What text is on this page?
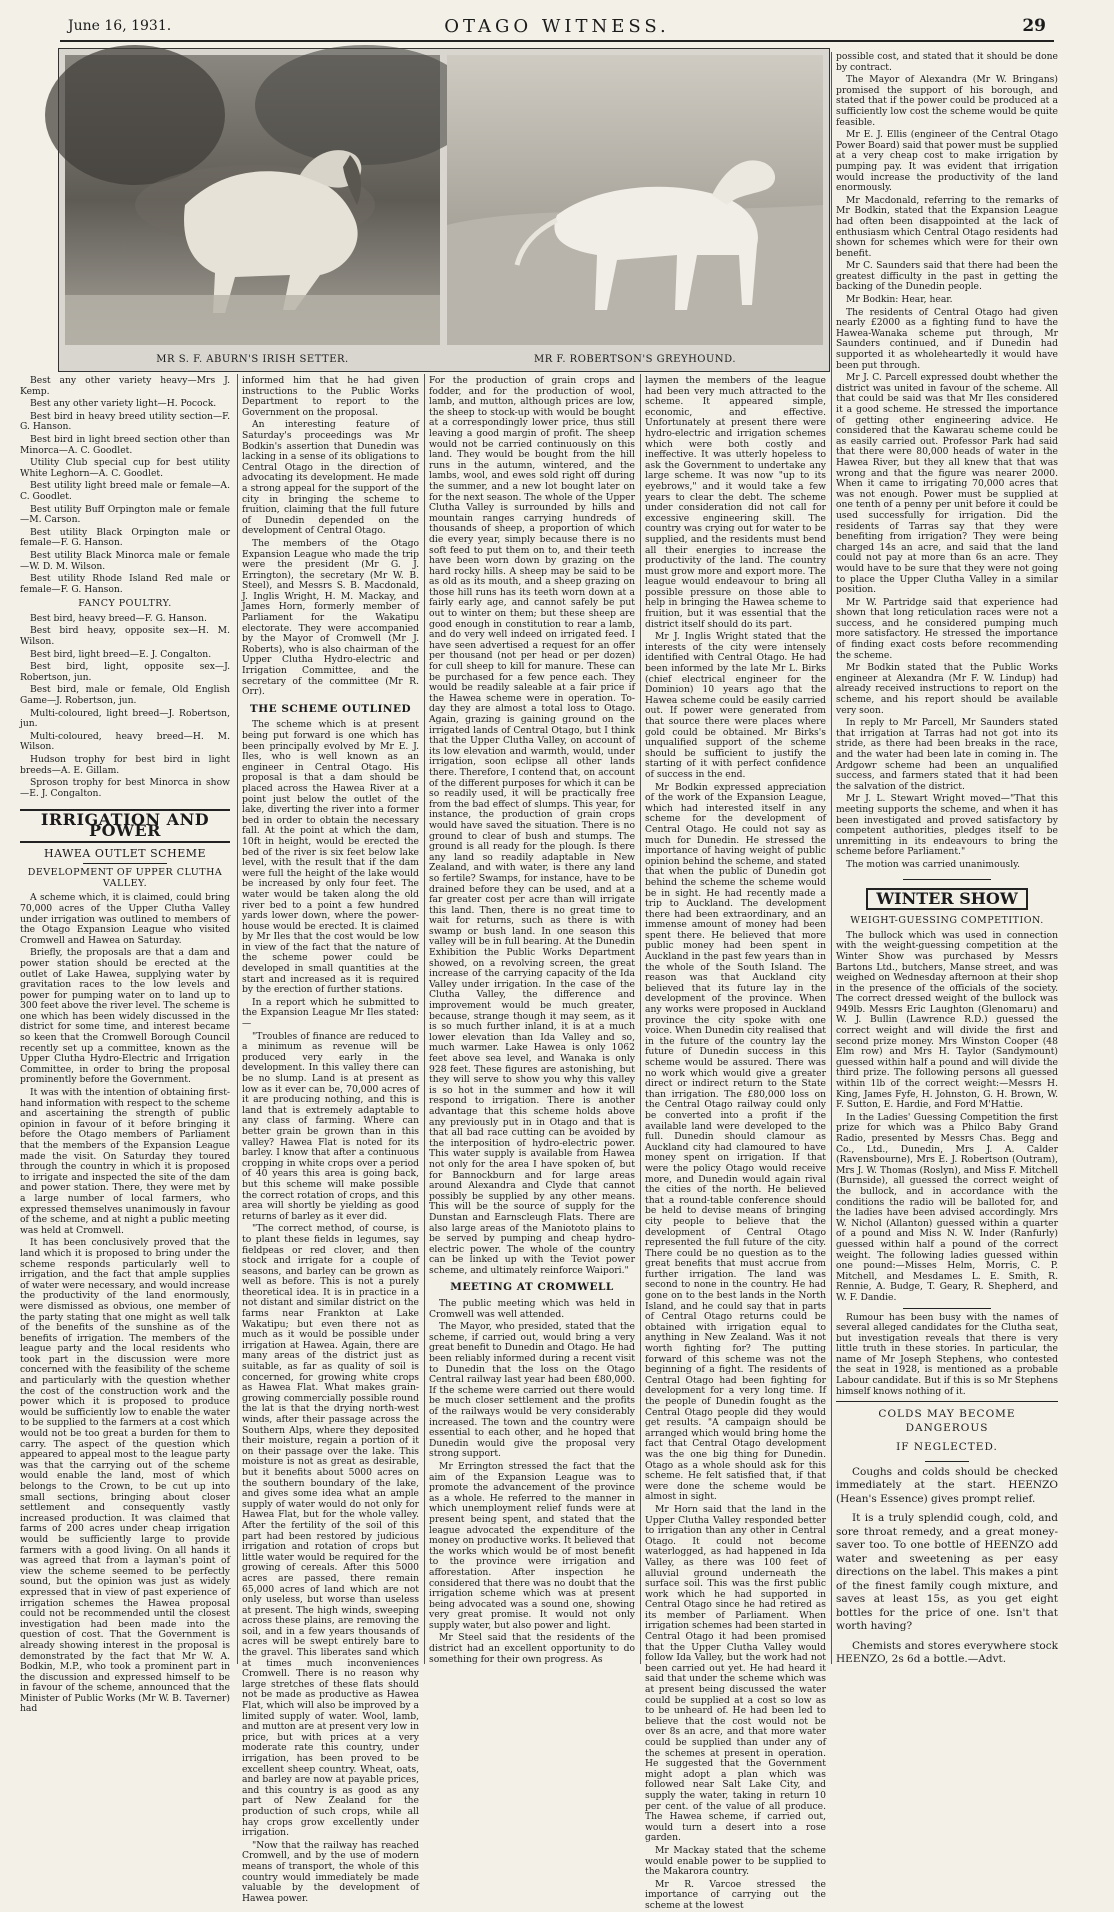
June 16, 1931.	OTAGO WITNESS.	29
MR S. F. ABURN'S IRISH SETTER.	MR F. ROBERTSON'S GREYHOUND.

Best any other variety heavy—Mrs J. Kemp.

Best any other variety light—H. Pocock.

Best bird in heavy breed utility section—F. G. Hanson.

Best bird in light breed section other than Minorca—A. C. Goodlet.

Utility Club special cup for best utility White Leghorn—A. C. Goodlet.

Best utility light breed male or female—A. C. Goodlet.

Best utility Buff Orpington male or female—M. Carson.

Best utility Black Orpington male or female—F. G. Hanson.

Best utility Black Minorca male or female—W. D. M. Wilson.

Best utility Rhode Island Red male or female—F. G. Hanson.

FANCY POULTRY.

Best bird, heavy breed—F. G. Hanson.

Best bird heavy, opposite sex—H. M. Wilson.

Best bird, light breed—E. J. Congalton.

Best bird, light, opposite sex—J. Robertson, jun.

Best bird, male or female, Old English Game—J. Robertson, jun.

Multi-coloured, light breed—J. Robertson, jun.

Multi-coloured, heavy breed—H. M. Wilson.

Hudson trophy for best bird in light breeds—A. E. Gillam.

Sproson trophy for best Minorca in show—E. J. Congalton.

IRRIGATION AND POWER
HAWEA OUTLET SCHEME
DEVELOPMENT OF UPPER CLUTHA VALLEY.

A scheme which, it is claimed, could bring 70,000 acres of the Upper Clutha Valley under irrigation was outlined to members of the Otago Expansion League who visited Cromwell and Hawea on Saturday.

Briefly, the proposals are that a dam and power station should be erected at the outlet of Lake Hawea, supplying water by gravitation races to the low levels and power for pumping water on to land up to 300 feet above the river level. The scheme is one which has been widely discussed in the district for some time, and interest became so keen that the Cromwell Borough Council recently set up a committee, known as the Upper Clutha Hydro-Electric and Irrigation Committee, in order to bring the proposal prominently before the Government.

It was with the intention of obtaining first-hand information with respect to the scheme and ascertaining the strength of public opinion in favour of it before bringing it before the Otago members of Parliament that the members of the Expansion League made the visit. On Saturday they toured through the country in which it is proposed to irrigate and inspected the site of the dam and power station. There, they were met by a large number of local farmers, who expressed themselves unanimously in favour of the scheme, and at night a public meeting was held at Cromwell.

It has been conclusively proved that the land which it is proposed to bring under the scheme responds particularly well to irrigation, and the fact that ample supplies of water were necessary, and would increase the productivity of the land enormously, were dismissed as obvious, one member of the party stating that one might as well talk of the benefits of the sunshine as of the benefits of irrigation. The members of the league party and the local residents who took part in the discussion were more concerned with the feasibility of the scheme and particularly with the question whether the cost of the construction work and the power which it is proposed to produce would be sufficiently low to enable the water to be supplied to the farmers at a cost which would not be too great a burden for them to carry. The aspect of the question which appeared to appeal most to the league party was that the carrying out of the scheme would enable the land, most of which belongs to the Crown, to be cut up into small sections, bringing about closer settlement and consequently vastly increased production. It was claimed that farms of 200 acres under cheap irrigation would be sufficiently large to provide farmers with a good living. On all hands it was agreed that from a layman's point of view the scheme seemed to be perfectly sound, but the opinion was just as widely expressed that in view of past experience of irrigation schemes the Hawea proposal could not be recommended until the closest investigation had been made into the question of cost. That the Government is already showing interest in the proposal is demonstrated by the fact that Mr W. A. Bodkin, M.P., who took a prominent part in the discussion and expressed himself to be in favour of the scheme, announced that the Minister of Public Works (Mr W. B. Taverner) had

informed him that he had given instructions to the Public Works Department to report to the Government on the proposal.

An interesting feature of Saturday's proceedings was Mr Bodkin's assertion that Dunedin was lacking in a sense of its obligations to Central Otago in the direction of advocating its development. He made a strong appeal for the support of the city in bringing the scheme to fruition, claiming that the full future of Dunedin depended on the development of Central Otago.

The members of the Otago Expansion League who made the trip were the president (Mr G. J. Errington), the secretary (Mr W. B. Steel), and Messrs S. B. Macdonald, J. Inglis Wright, H. M. Mackay, and James Horn, formerly member of Parliament for the Wakatipu electorate. They were accompanied by the Mayor of Cromwell (Mr J. Roberts), who is also chairman of the Upper Clutha Hydro-electric and Irrigation Committee, and the secretary of the committee (Mr R. Orr).

THE SCHEME OUTLINED

The scheme which is at present being put forward is one which has been principally evolved by Mr E. J. Iles, who is well known as an engineer in Central Otago. His proposal is that a dam should be placed across the Hawea River at a point just below the outlet of the lake, diverting the river into a former bed in order to obtain the necessary fall. At the point at which the dam, 10ft in height, would be erected the bed of the river is six feet below lake level, with the result that if the dam were full the height of the lake would be increased by only four feet. The water would be taken along the old river bed to a point a few hundred yards lower down, where the power-house would be erected. It is claimed by Mr Iles that the cost would be low in view of the fact that the nature of the scheme power could be developed in small quantities at the start and increased as it is required by the erection of further stations.

In a report which he submitted to the Expansion League Mr Iles stated:—

"Troubles of finance are reduced to a minimum as revenue will be produced very early in the development. In this valley there can be no slump. Land is at present as low as it ever can be, 70,000 acres of it are producing nothing, and this is land that is extremely adaptable to any class of farming. Where can better grain be grown than in this valley? Hawea Flat is noted for its barley. I know that after a continuous cropping in white crops over a period of 40 years this area is going back, but this scheme will make possible the correct rotation of crops, and this area will shortly be yielding as good returns of barley as it ever did.

"The correct method, of course, is to plant these fields in legumes, say fieldpeas or red clover, and then stock and irrigate for a couple of seasons, and barley can be grown as well as before. This is not a purely theoretical idea. It is in practice in a not distant and similar district on the farms near Frankton at Lake Wakatipu; but even there not as much as it would be possible under irrigation at Hawea. Again, there are many areas of the district just as suitable, as far as quality of soil is concerned, for growing white crops as Hawea Flat. What makes grain-growing commercially possible round the lat is that the drying north-west winds, after their passage across the Southern Alps, where they deposited their moisture, regain a portion of it on their passage over the lake. This moisture is not as great as desirable, but it benefits about 5000 acres on the southern boundary of the lake, and gives some idea what an ample supply of water would do not only for Hawea Flat, but for the whole valley. After the fertility of the soil of this part had been restored by judicious irrigation and rotation of crops but little water would be required for the growing of cereals. After this 5000 acres are passed, there remain 65,000 acres of land which are not only useless, but worse than useless at present. The high winds, sweeping across these plains, are removing the soil, and in a few years thousands of acres will be swept entirely bare to the gravel. This liberates sand which at times much inconveniences Cromwell. There is no reason why large stretches of these flats should not be made as productive as Hawea Flat, which will also be improved by a limited supply of water. Wool, lamb, and mutton are at present very low in price, but with prices at a very moderate rate this country, under irrigation, has been proved to be excellent sheep country. Wheat, oats, and barley are now at payable prices, and this country is as good as any part of New Zealand for the production of such crops, while all hay crops grow excellently under irrigation.

"Now that the railway has reached Cromwell, and by the use of modern means of transport, the whole of this country would immediately be made valuable by the development of Hawea power.

For the production of grain crops and fodder, and for the production of wool, lamb, and mutton, although prices are low, the sheep to stock-up with would be bought at a correspondingly lower price, thus still leaving a good margin of profit. The sheep would not be carried continuously on this land. They would be bought from the hill runs in the autumn, wintered, and the lambs, wool, and ewes sold right off during the summer, and a new lot bought later on for the next season. The whole of the Upper Clutha Valley is surrounded by hills and mountain ranges carrying hundreds of thousands of sheep, a proportion of which die every year, simply because there is no soft feed to put them on to, and their teeth have been worn down by grazing on the hard rocky hills. A sheep may be said to be as old as its mouth, and a sheep grazing on those hill runs has its teeth worn down at a fairly early age, and cannot safely be put out to winter on them; but these sheep are good enough in constitution to rear a lamb, and do very well indeed on irrigated feed. I have seen advertised a request for an offer per thousand (not per head or per dozen) for cull sheep to kill for manure. These can be purchased for a few pence each. They would be readily saleable at a fair price if the Hawea scheme were in operation. To-day they are almost a total loss to Otago. Again, grazing is gaining ground on the irrigated lands of Central Otago, but I think that the Upper Clutha Valley, on account of its low elevation and warmth, would, under irrigation, soon eclipse all other lands there. Therefore, I contend that, on account of the different purposes for which it can be so readily used, it will be practically free from the bad effect of slumps. This year, for instance, the production of grain crops would have saved the situation. There is no ground to clear of bush and stumps. The ground is all ready for the plough. Is there any land so readily adaptable in New Zealand, and with water, is there any land so fertile? Swamps, for instance, have to be drained before they can be used, and at a far greater cost per acre than will irrigate this land. Then, there is no great time to wait for returns, such as there is with swamp or bush land. In one season this valley will be in full bearing. At the Dunedin Exhibition the Public Works Department showed, on a revolving screen, the great increase of the carrying capacity of the Ida Valley under irrigation. In the case of the Clutha Valley, the difference and improvement would be much greater, because, strange though it may seem, as it is so much further inland, it is at a much lower elevation than Ida Valley and so, much warmer. Lake Hawea is only 1062 feet above sea level, and Wanaka is only 928 feet. These figures are astonishing, but they will serve to show you why this valley is so hot in the summer and how it will respond to irrigation. There is another advantage that this scheme holds above any previously put in in Otago and that is that all bad race cutting can be avoided by the interposition of hydro-electric power. This water supply is available from Hawea not only for the area I have spoken of, but for Bannockburn and for large areas around Alexandra and Clyde that cannot possibly be supplied by any other means. This will be the source of supply for the Dunstan and Earnscleugh Flats. There are also large areas of the Maniototo plains to be served by pumping and cheap hydro-electric power. The whole of the country can be linked up with the Teviot power scheme, and ultimately reinforce Waipori."

MEETING AT CROMWELL

The public meeting which was held in Cromwell was well attended.

The Mayor, who presided, stated that the scheme, if carried out, would bring a very great benefit to Dunedin and Otago. He had been reliably informed during a recent visit to Dunedin that the loss on the Otago Central railway last year had been £80,000. If the scheme were carried out there would be much closer settlement and the profits of the railways would be very considerably increased. The town and the country were essential to each other, and he hoped that Dunedin would give the proposal very strong support.

Mr Errington stressed the fact that the aim of the Expansion League was to promote the advancement of the province as a whole. He referred to the manner in which unemployment relief funds were at present being spent, and stated that the league advocated the expenditure of the money on productive works. It believed that the works which would be of most benefit to the province were irrigation and afforestation. After inspection he considered that there was no doubt that the irrigation scheme which was at present being advocated was a sound one, showing very great promise. It would not only supply water, but also power and light.

Mr Steel said that the residents of the district had an excellent opportunity to do something for their own progress. As

laymen the members of the league had been very much attracted to the scheme. It appeared simple, economic, and effective. Unfortunately at present there were hydro-electric and irrigation schemes which were both costly and ineffective. It was utterly hopeless to ask the Government to undertake any large scheme. It was now "up to its eyebrows," and it would take a few years to clear the debt. The scheme under consideration did not call for excessive engineering skill. The country was crying out for water to be supplied, and the residents must bend all their energies to increase the productivity of the land. The country must grow more and export more. The league would endeavour to bring all possible pressure on those able to help in bringing the Hawea scheme to fruition, but it was essential that the district itself should do its part.

Mr J. Inglis Wright stated that the interests of the city were intensely identified with Central Otago. He had been informed by the late Mr L. Birks (chief electrical engineer for the Dominion) 10 years ago that the Hawea scheme could be easily carried out. If power were generated from that source there were places where gold could be obtained. Mr Birks's unqualified support of the scheme should be sufficient to justify the starting of it with perfect confidence of success in the end.

Mr Bodkin expressed appreciation of the work of the Expansion League, which had interested itself in any scheme for the development of Central Otago. He could not say as much for Dunedin. He stressed the importance of having weight of public opinion behind the scheme, and stated that when the public of Dunedin got behind the scheme the scheme would be in sight. He had recently made a trip to Auckland. The development there had been extraordinary, and an immense amount of money had been spent there. He believed that more public money had been spent in Auckland in the past few years than in the whole of the South Island. The reason was that Auckland city believed that its future lay in the development of the province. When any works were proposed in Auckland province the city spoke with one voice. When Dunedin city realised that in the future of the country lay the future of Dunedin success in this scheme would be assured. There was no work which would give a greater direct or indirect return to the State than irrigation. The £80,000 loss on the Central Otago railway could only be converted into a profit if the available land were developed to the full. Dunedin should clamour as Auckland city had clamoured to have money spent on irrigation. If that were the policy Otago would receive more, and Dunedin would again rival the cities of the north. He believed that a round-table conference should be held to devise means of bringing city people to believe that the development of Central Otago represented the full future of the city. There could be no question as to the great benefits that must accrue from further irrigation. The land was second to none in the country. He had gone on to the best lands in the North Island, and he could say that in parts of Central Otago returns could be obtained with irrigation equal to anything in New Zealand. Was it not worth fighting for? The putting forward of this scheme was not the beginning of a fight. The residents of Central Otago had been fighting for development for a very long time. If the people of Dunedin fought as the Central Otago people did they would get results. "A campaign should be arranged which would bring home the fact that Central Otago development was the one big thing for Dunedin. Otago as a whole should ask for this scheme. He felt satisfied that, if that were done the scheme would be almost in sight.

Mr Horn said that the land in the Upper Clutha Valley responded better to irrigation than any other in Central Otago. It could not become waterlogged, as had happened in Ida Valley, as there was 100 feet of alluvial ground underneath the surface soil. This was the first public work which he had supported in Central Otago since he had retired as its member of Parliament. When irrigation schemes had been started in Central Otago it had been promised that the Upper Clutha Valley would follow Ida Valley, but the work had not been carried out yet. He had heard it said that under the scheme which was at present being discussed the water could be supplied at a cost so low as to be unheard of. He had been led to believe that the cost would not be over 8s an acre, and that more water could be supplied than under any of the schemes at present in operation. He suggested that the Government might adopt a plan which was followed near Salt Lake City, and supply the water, taking in return 10 per cent. of the value of all produce. The Hawea scheme, if carried out, would turn a desert into a rose garden.

Mr Mackay stated that the scheme would enable power to be supplied to the Makarora country.

Mr R. Varcoe stressed the importance of carrying out the scheme at the lowest

possible cost, and stated that it should be done by contract.

The Mayor of Alexandra (Mr W. Bringans) promised the support of his borough, and stated that if the power could be produced at a sufficiently low cost the scheme would be quite feasible.

Mr E. J. Ellis (engineer of the Central Otago Power Board) said that power must be supplied at a very cheap cost to make irrigation by pumping pay. It was evident that irrigation would increase the productivity of the land enormously.

Mr Macdonald, referring to the remarks of Mr Bodkin, stated that the Expansion League had often been disappointed at the lack of enthusiasm which Central Otago residents had shown for schemes which were for their own benefit.

Mr C. Saunders said that there had been the greatest difficulty in the past in getting the backing of the Dunedin people.

Mr Bodkin: Hear, hear.

The residents of Central Otago had given nearly £2000 as a fighting fund to have the Hawea-Wanaka scheme put through, Mr Saunders continued, and if Dunedin had supported it as wholeheartedly it would have been put through.

Mr J. C. Parcell expressed doubt whether the district was united in favour of the scheme. All that could be said was that Mr Iles considered it a good scheme. He stressed the importance of getting other engineering advice. He considered that the Kawarau scheme could be as easily carried out. Professor Park had said that there were 80,000 heads of water in the Hawea River, but they all knew that that was wrong and that the figure was nearer 2000. When it came to irrigating 70,000 acres that was not enough. Power must be supplied at one tenth of a penny per unit before it could be used successfully for irrigation. Did the residents of Tarras say that they were benefiting from irrigation? They were being charged 14s an acre, and said that the land could not pay at more than 6s an acre. They would have to be sure that they were not going to place the Upper Clutha Valley in a similar position.

Mr W. Partridge said that experience had shown that long reticulation races were not a success, and he considered pumping much more satisfactory. He stressed the importance of finding exact costs before recommending the scheme.

Mr Bodkin stated that the Public Works engineer at Alexandra (Mr F. W. Lindup) had already received instructions to report on the scheme, and his report should be available very soon.

In reply to Mr Parcell, Mr Saunders stated that irrigation at Tarras had not got into its stride, as there had been breaks in the race, and the water had been late in coming in. The Ardgowr scheme had been an unqualified success, and farmers stated that it had been the salvation of the district.

Mr J. L. Stewart Wright moved—"That this meeting supports the scheme, and when it has been investigated and proved satisfactory by competent authorities, pledges itself to be unremitting in its endeavours to bring the scheme before Parliament."

The motion was carried unanimously.

WINTER SHOW
WEIGHT-GUESSING COMPETITION.

The bullock which was used in connection with the weight-guessing competition at the Winter Show was purchased by Messrs Bartons Ltd., butchers, Manse street, and was weighed on Wednesday afternoon at their shop in the presence of the officials of the society. The correct dressed weight of the bullock was 949lb. Messrs Eric Laughton (Glenomaru) and W. J. Bullin (Lawrence R.D.) guessed the correct weight and will divide the first and second prize money. Mrs Winston Cooper (48 Elm row) and Mrs H. Taylor (Sandymount) guessed within half a pound and will divide the third prize. The following persons all guessed within 1lb of the correct weight:—Messrs H. King, James Fyfe, H. Johnston, G. H. Brown, W. F. Sutton, E. Hardie, and Ford M'Hattie.

In the Ladies' Guessing Competition the first prize for which was a Philco Baby Grand Radio, presented by Messrs Chas. Begg and Co., Ltd., Dunedin, Mrs J. A. Calder (Ravensbourne), Mrs E. J. Robertson (Outram), Mrs J. W. Thomas (Roslyn), and Miss F. Mitchell (Burnside), all guessed the correct weight of the bullock, and in accordance with the conditions the radio will be balloted for, and the ladies have been advised accordingly. Mrs W. Nichol (Allanton) guessed within a quarter of a pound and Miss N. W. Inder (Ranfurly) guessed within half a pound of the correct weight. The following ladies guessed within one pound:—Misses Helm, Morris, C. P. Mitchell, and Mesdames L. E. Smith, R. Rennie, A. Budge, T. Geary, R. Shepherd, and W. F. Dandie.

Rumour has been busy with the names of several alleged candidates for the Clutha seat, but investigation reveals that there is very little truth in these stories. In particular, the name of Mr Joseph Stephens, who contested the seat in 1928, is mentioned as a probable Labour candidate. But if this is so Mr Stephens himself knows nothing of it.

COLDS MAY BECOME DANGEROUS
IF NEGLECTED.

Coughs and colds should be checked immediately at the start. HEENZO (Hean's Essence) gives prompt relief.

It is a truly splendid cough, cold, and sore throat remedy, and a great money-saver too. To one bottle of HEENZO add water and sweetening as per easy directions on the label. This makes a pint of the finest family cough mixture, and saves at least 15s, as you get eight bottles for the price of one. Isn't that worth having?

Chemists and stores everywhere stock HEENZO, 2s 6d a bottle.—Advt.
